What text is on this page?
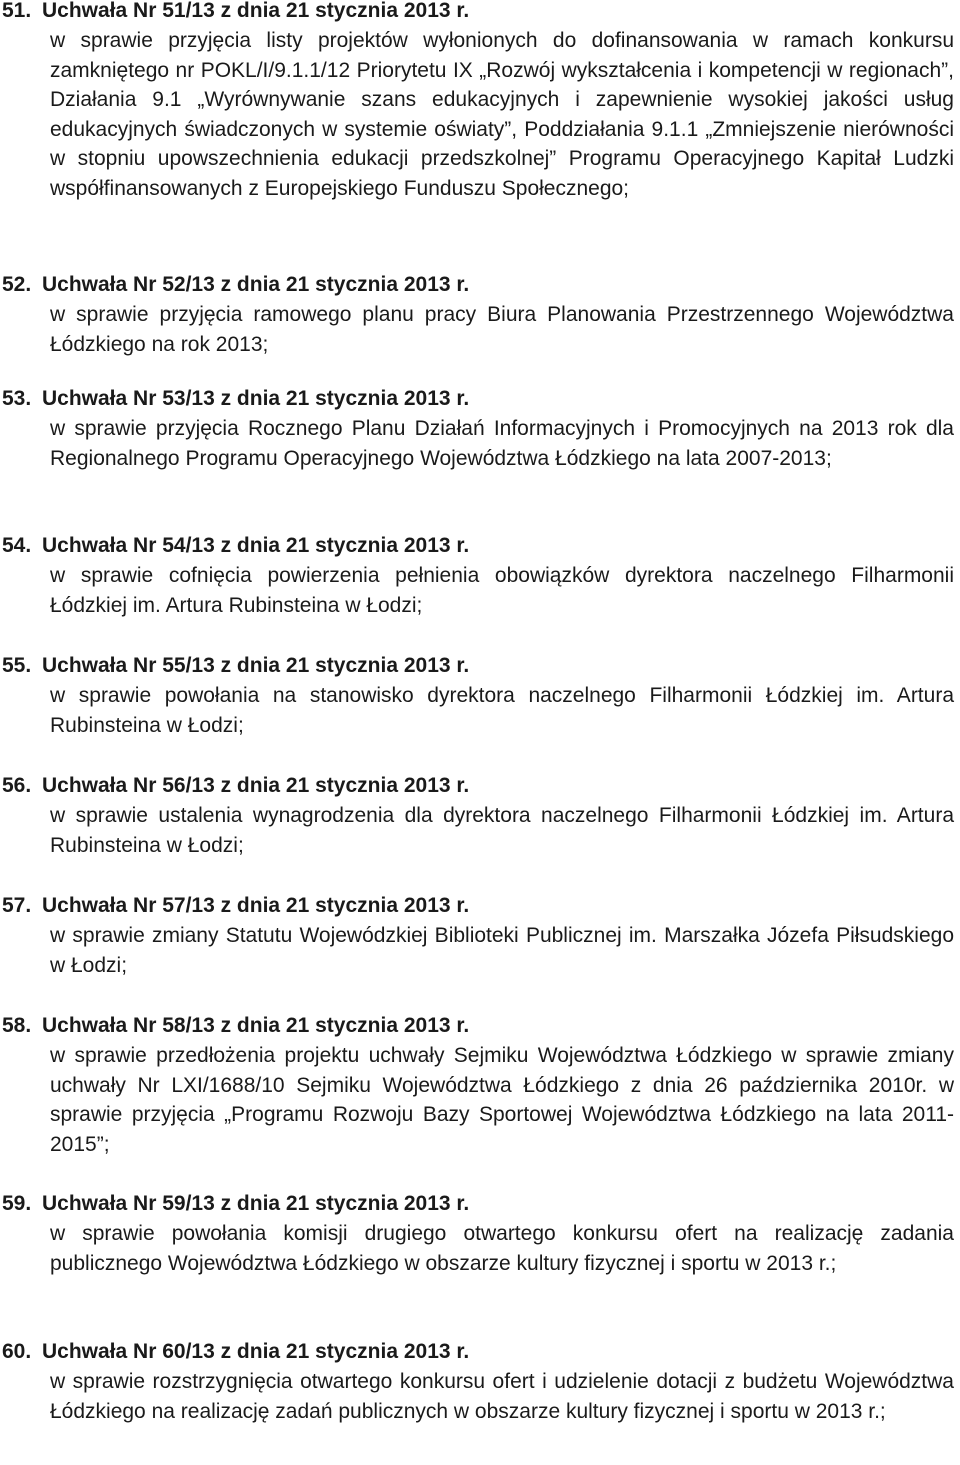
51. Uchwała Nr 51/13 z dnia 21 stycznia 2013 r.
w sprawie przyjęcia listy projektów wyłonionych do dofinansowania w ramach konkursu zamkniętego nr POKL/I/9.1.1/12 Priorytetu IX „Rozwój wykształcenia i kompetencji w regionach”, Działania 9.1 „Wyrównywanie szans edukacyjnych i zapewnienie wysokiej jakości usług edukacyjnych świadczonych w systemie oświaty”, Poddziałania 9.1.1 „Zmniejszenie nierówności w stopniu upowszechnienia edukacji przedszkolnej” Programu Operacyjnego Kapitał Ludzki współfinansowanych z Europejskiego Funduszu Społecznego;
52. Uchwała Nr 52/13 z dnia 21 stycznia 2013 r.
w sprawie przyjęcia ramowego planu pracy Biura Planowania Przestrzennego Województwa Łódzkiego na rok 2013;
53. Uchwała Nr 53/13 z dnia 21 stycznia 2013 r.
w sprawie przyjęcia Rocznego Planu Działań Informacyjnych i Promocyjnych na 2013 rok dla Regionalnego Programu Operacyjnego Województwa Łódzkiego na lata 2007-2013;
54. Uchwała Nr 54/13 z dnia 21 stycznia 2013 r.
w sprawie cofnięcia powierzenia pełnienia obowiązków dyrektora naczelnego Filharmonii Łódzkiej im. Artura Rubinsteina w Łodzi;
55. Uchwała Nr 55/13 z dnia 21 stycznia 2013 r.
w sprawie powołania na stanowisko dyrektora naczelnego Filharmonii Łódzkiej im. Artura Rubinsteina w Łodzi;
56. Uchwała Nr 56/13 z dnia 21 stycznia 2013 r.
w sprawie ustalenia wynagrodzenia dla dyrektora naczelnego Filharmonii Łódzkiej im. Artura Rubinsteina w Łodzi;
57. Uchwała Nr 57/13 z dnia 21 stycznia 2013 r.
w sprawie zmiany Statutu Wojewódzkiej Biblioteki Publicznej im. Marszałka Józefa Piłsudskiego w Łodzi;
58. Uchwała Nr 58/13 z dnia 21 stycznia 2013 r.
w sprawie przedłożenia projektu uchwały Sejmiku Województwa Łódzkiego w sprawie zmiany uchwały Nr LXI/1688/10 Sejmiku Województwa Łódzkiego z dnia 26 października 2010r. w sprawie przyjęcia „Programu Rozwoju Bazy Sportowej Województwa Łódzkiego na lata 2011-2015”;
59. Uchwała Nr 59/13 z dnia 21 stycznia 2013 r.
w sprawie powołania komisji drugiego otwartego konkursu ofert na realizację zadania publicznego Województwa Łódzkiego w obszarze kultury fizycznej i sportu w 2013 r.;
60. Uchwała Nr 60/13 z dnia 21 stycznia 2013 r.
w sprawie rozstrzygnięcia otwartego konkursu ofert i udzielenie dotacji z budżetu Województwa Łódzkiego na realizację zadań publicznych w obszarze kultury fizycznej i sportu w 2013 r.;
